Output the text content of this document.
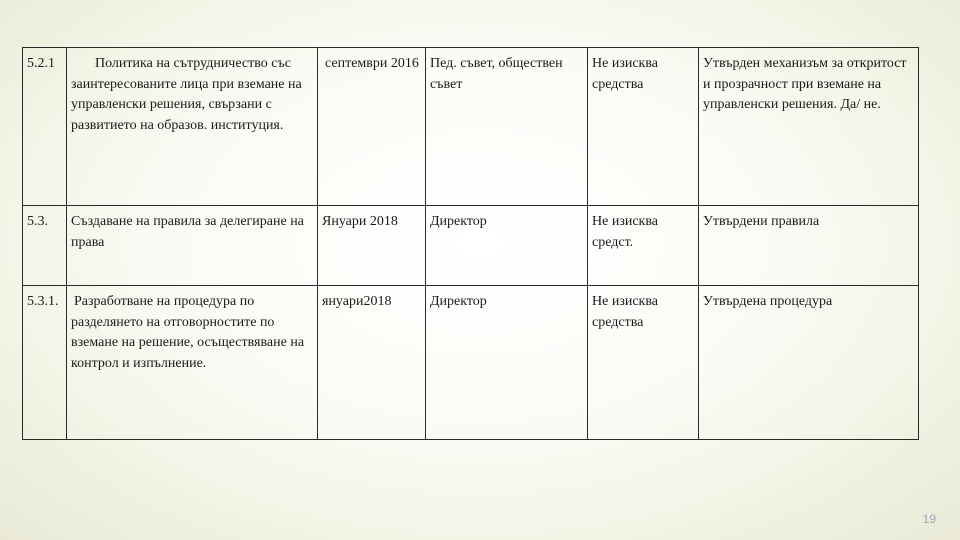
5.2.1	Политика на сътрудничество със заинтересованите лица при вземане на управленски решения, свързани с развитието на образов. институция.	септември 2016	Пед. съвет, обществен съвет	Не изисква средства	Утвърден механизъм за откритост и прозрачност при вземане на управленски решения. Да/ не.
5.3.	Създаване на правила за делегиране на права	Януари 2018	Директор	Не изисква средст.	Утвърдени правила
5.3.1.	Разработване на процедура по разделянето на отговорностите по вземане на решение, осъществяване на контрол и изпълнение.	януари2018	Директор	Не изисква средства	Утвърдена процедура
19
